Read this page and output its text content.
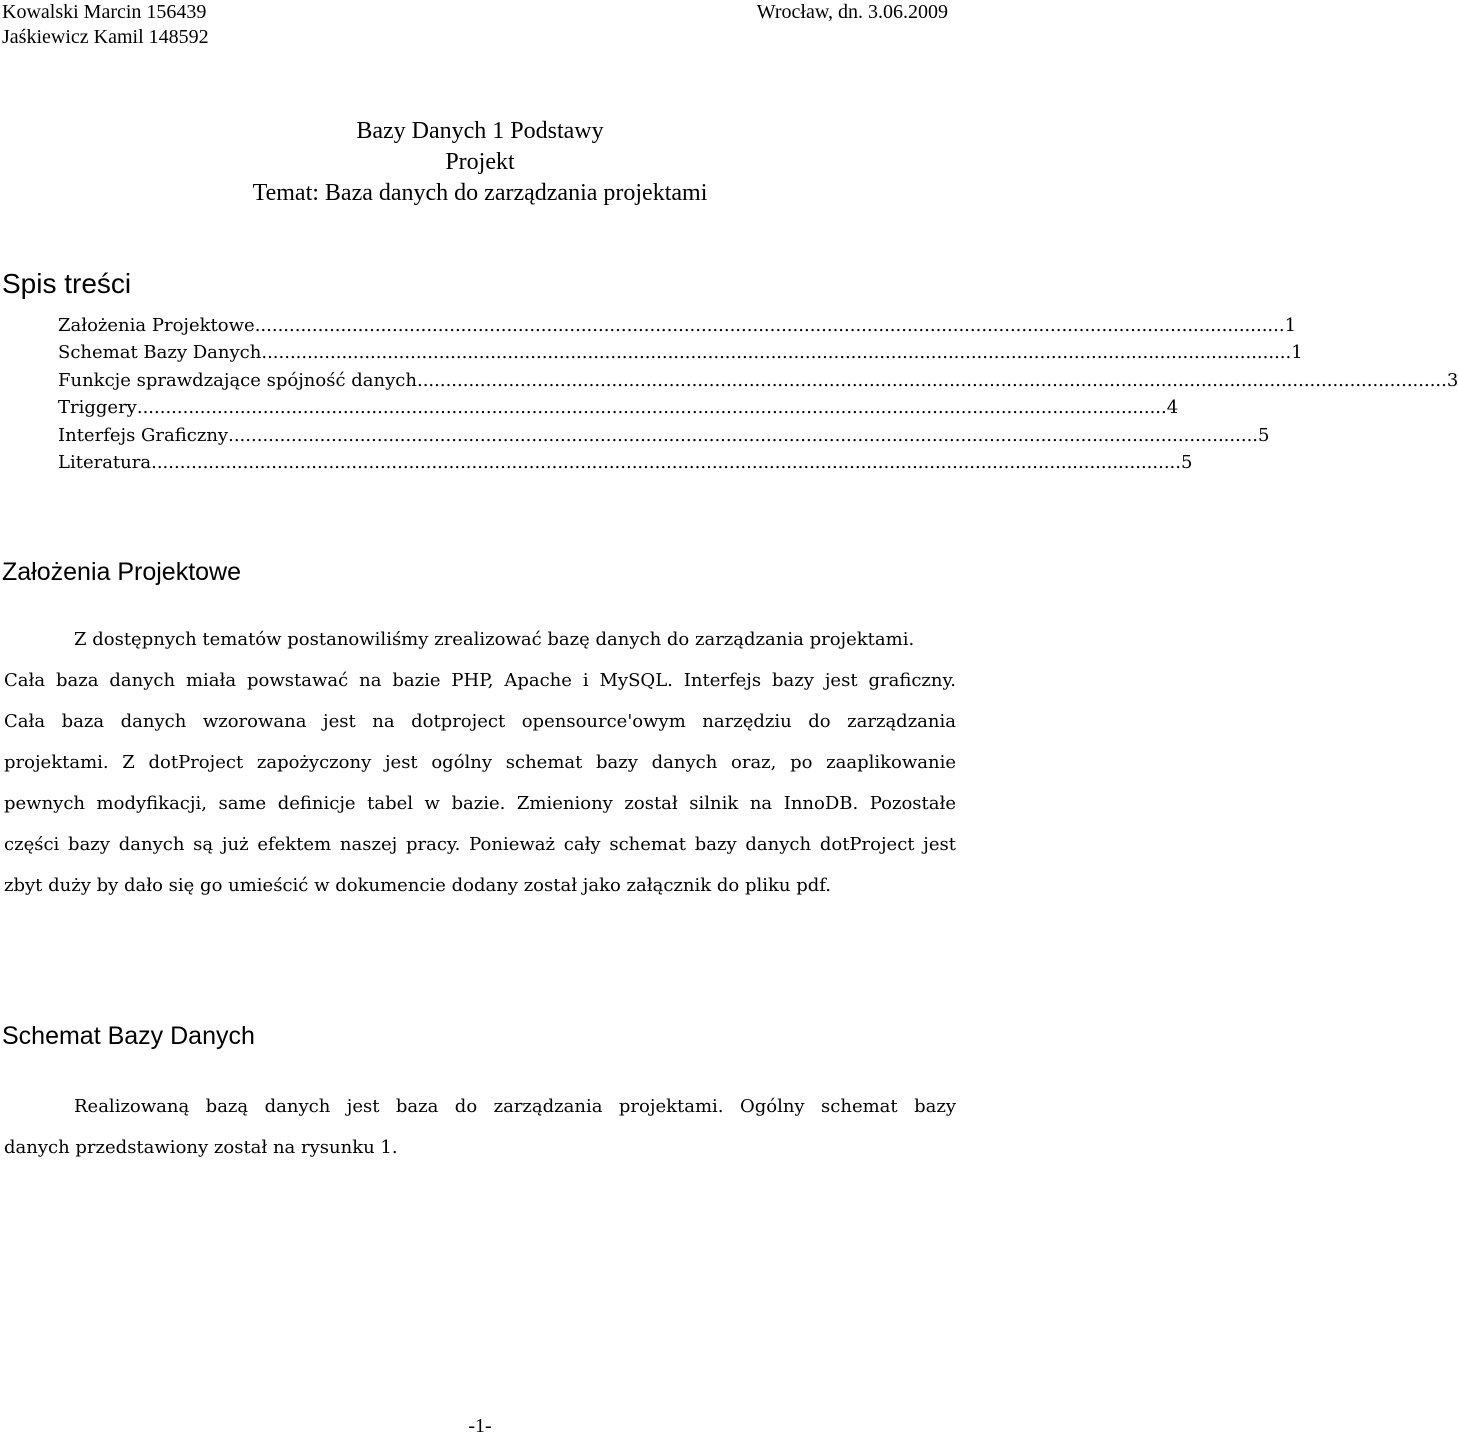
Kowalski Marcin 156439
Jaśkiewicz Kamil 148592
Wrocław, dn. 3.06.2009
Bazy Danych 1 Podstawy
Projekt
Temat: Baza danych do zarządzania projektami
Spis treści
Założenia Projektowe .................................................................................................................................................................................... 1
Schemat Bazy Danych .................................................................................................................................................................................... 1
Funkcje sprawdzające spójność danych .................................................................................................................................................................................... 3
Triggery .................................................................................................................................................................................... 4
Interfejs Graficzny .................................................................................................................................................................................... 5
Literatura .................................................................................................................................................................................... 5
Założenia Projektowe
Z dostępnych tematów postanowiliśmy zrealizować bazę danych do zarządzania projektami.
Cała baza danych miała powstawać na bazie PHP, Apache i MySQL. Interfejs bazy jest graficzny.
Cała baza danych wzorowana jest na dotproject opensource'owym narzędziu do zarządzania
projektami. Z dotProject zapożyczony jest ogólny schemat bazy danych oraz, po zaaplikowanie
pewnych modyfikacji, same definicje tabel w bazie. Zmieniony został silnik na InnoDB. Pozostałe
części bazy danych są już efektem naszej pracy. Ponieważ cały schemat bazy danych dotProject jest
zbyt duży by dało się go umieścić w dokumencie dodany został jako załącznik do pliku pdf.
Schemat Bazy Danych
Realizowaną bazą danych jest baza do zarządzania projektami. Ogólny schemat bazy
danych przedstawiony został na rysunku 1.
-1-
